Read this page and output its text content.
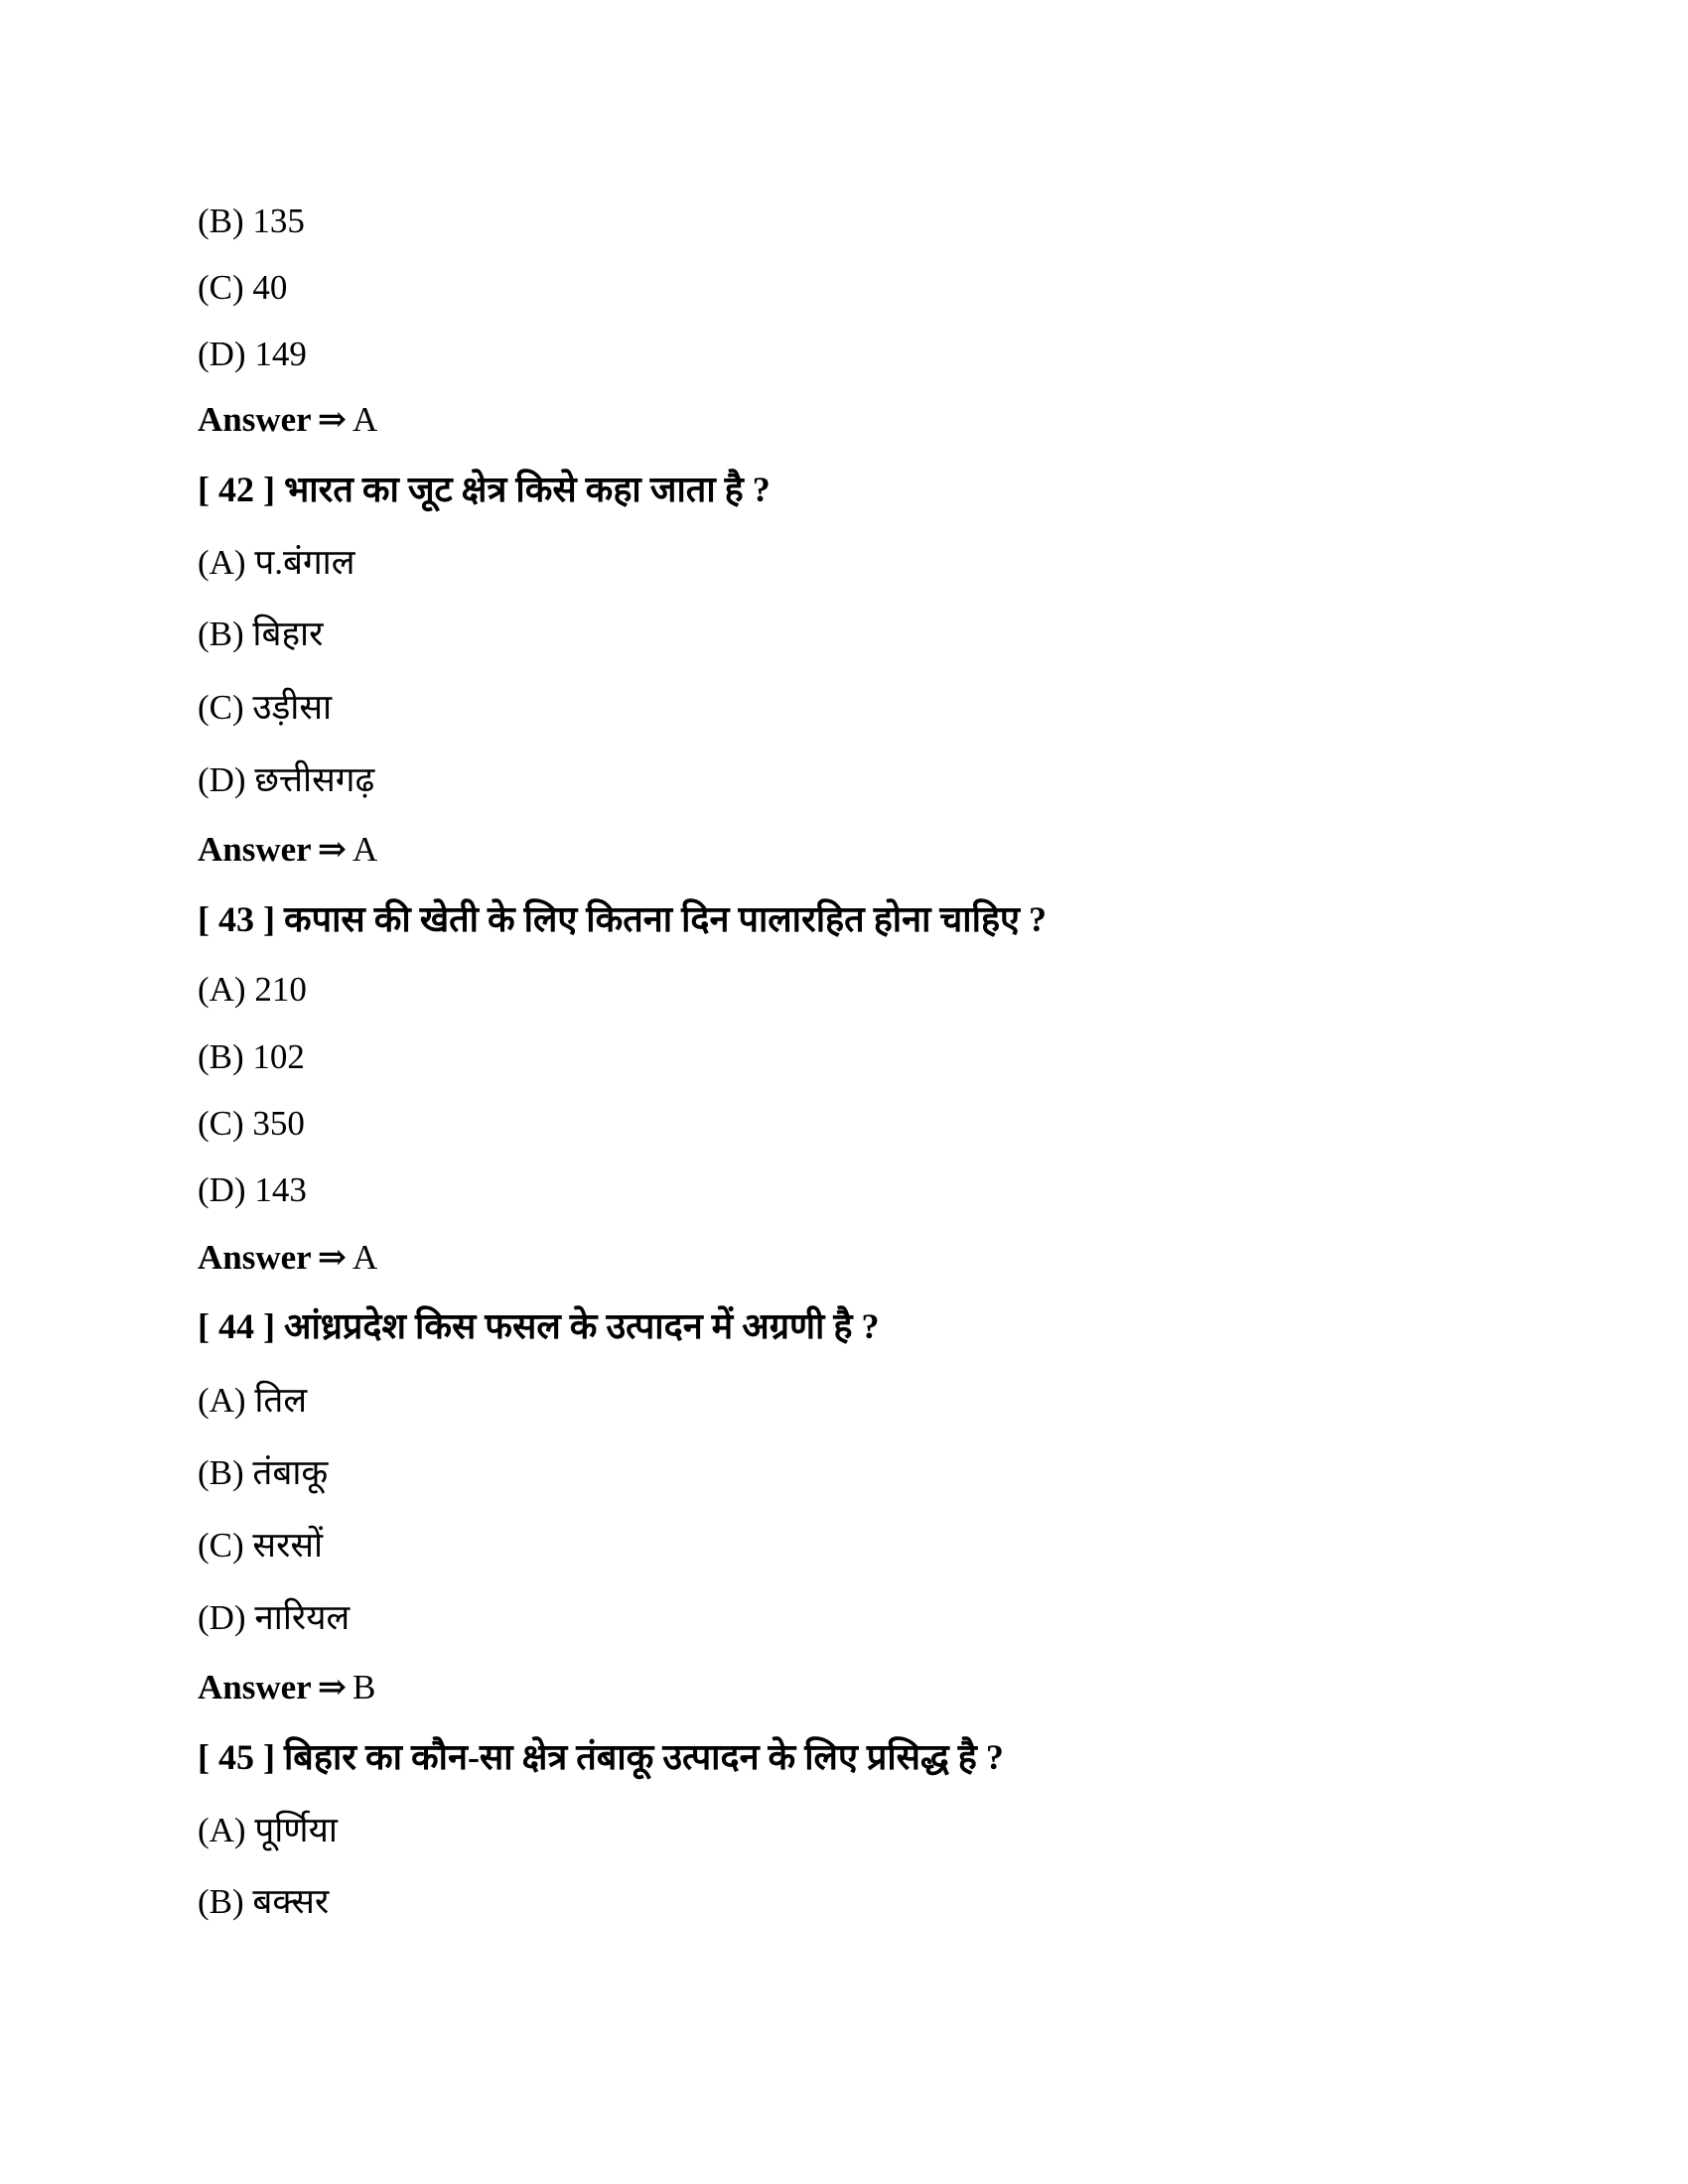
(B) 135
(C) 40
(D) 149
Answer ⇒ A
[ 42 ] भारत का जूट क्षेत्र किसे कहा जाता है ?
(A) प.बंगाल
(B) बिहार
(C) उड़ीसा
(D) छत्तीसगढ़
Answer ⇒ A
[ 43 ] कपास की खेती के लिए कितना दिन पालारहित होना चाहिए ?
(A) 210
(B) 102
(C) 350
(D) 143
Answer ⇒ A
[ 44 ] आंध्रप्रदेश किस फसल के उत्पादन में अग्रणी है ?
(A) तिल
(B) तंबाकू
(C) सरसों
(D) नारियल
Answer ⇒ B
[ 45 ] बिहार का कौन-सा क्षेत्र तंबाकू उत्पादन के लिए प्रसिद्ध है ?
(A) पूर्णिया
(B) बक्सर
